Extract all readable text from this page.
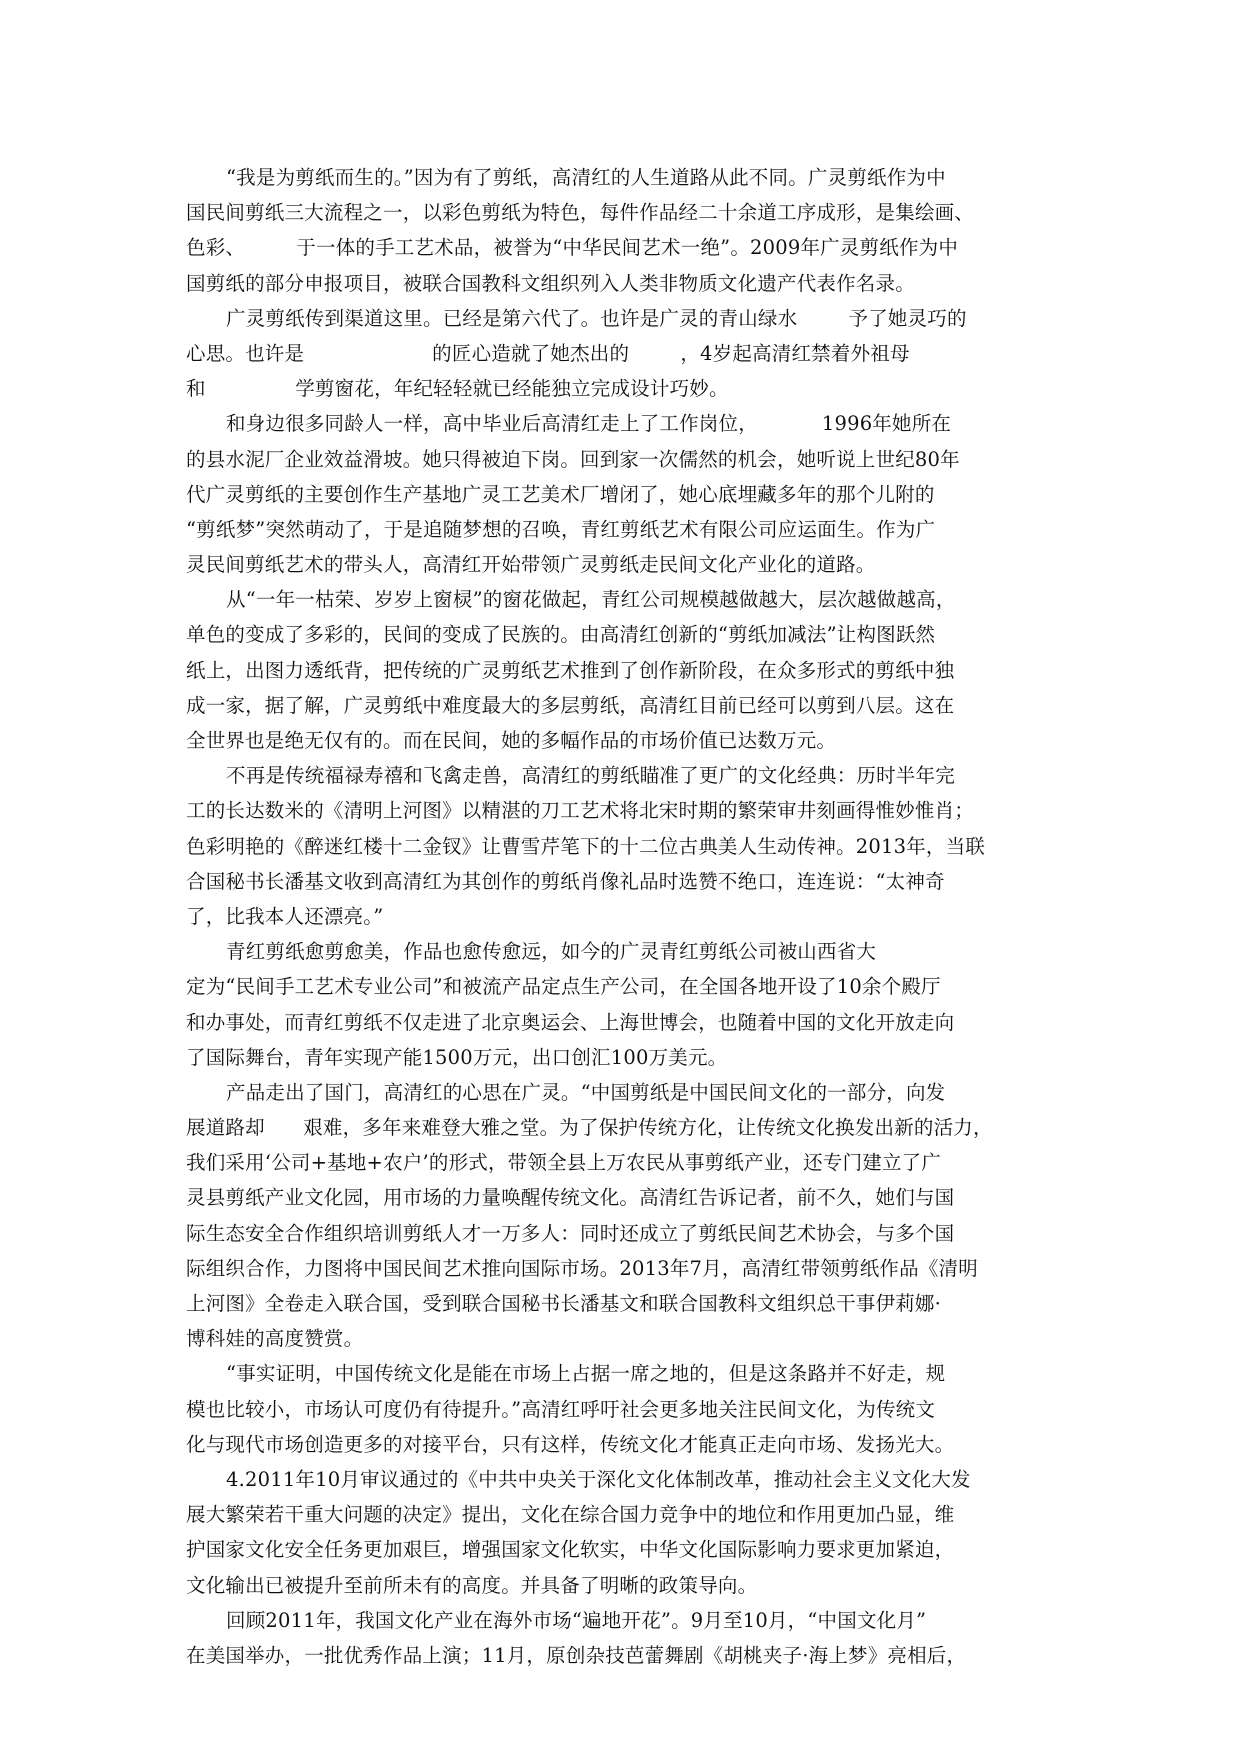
“我是为剪纸而生的。”因为有了剪纸，高清红的人生道路从此不同。广灵剪纸作为中
国民间剪纸三大流程之一，以彩色剪纸为特色，每件作品经二十余道工序成形，是集绘画、
色彩、        于一体的手工艺术品，被誉为“中华民间艺术一绝”。2009年广灵剪纸作为中
国剪纸的部分申报项目，被联合国教科文组织列入人类非物质文化遗产代表作名录。
广灵剪纸传到渠道这里。已经是第六代了。也许是广灵的青山绿水        予了她灵巧的
心思。也许是                    的匠心造就了她杰出的        ，4岁起高清红禁着外祖母
和              学剪窗花，年纪轻轻就已经能独立完成设计巧妙。
和身边很多同龄人一样，高中毕业后高清红走上了工作岗位，          1996年她所在
的县水泥厂企业效益滑坡。她只得被迫下岗。回到家一次儒然的机会，她听说上世纪80年
代广灵剪纸的主要创作生产基地广灵工艺美术厂增闭了，她心底埋藏多年的那个儿附的
“剪纸梦”突然萌动了，于是追随梦想的召唤，青红剪纸艺术有限公司应运面生。作为广
灵民间剪纸艺术的带头人，高清红开始带领广灵剪纸走民间文化产业化的道路。
从“一年一枯荣、岁岁上窗棂”的窗花做起，青红公司规模越做越大，层次越做越高，
单色的变成了多彩的，民间的变成了民族的。由高清红创新的“剪纸加减法”让构图跃然
纸上，出图力透纸背，把传统的广灵剪纸艺术推到了创作新阶段，在众多形式的剪纸中独
成一家，据了解，广灵剪纸中难度最大的多层剪纸，高清红目前已经可以剪到八层。这在
全世界也是绝无仅有的。而在民间，她的多幅作品的市场价值已达数万元。
不再是传统福禄寿禧和飞禽走兽，高清红的剪纸瞄准了更广的文化经典：历时半年完
工的长达数米的《清明上河图》以精湛的刀工艺术将北宋时期的繁荣审井刻画得惟妙惟肖；
色彩明艳的《醉迷红楼十二金钗》让曹雪芹笔下的十二位古典美人生动传神。2013年，当联
合国秘书长潘基文收到高清红为其创作的剪纸肖像礼品时选赞不绝口，连连说：“太神奇
了，比我本人还漂亮。”
青红剪纸愈剪愈美，作品也愈传愈远，如今的广灵青红剪纸公司被山西省大
定为“民间手工艺术专业公司”和被流产品定点生产公司，在全国各地开设了10余个殿厅
和办事处，而青红剪纸不仅走进了北京奥运会、上海世博会，也随着中国的文化开放走向
了国际舞台，青年实现产能1500万元，出口创汇100万美元。
产品走出了国门，高清红的心思在广灵。“中国剪纸是中国民间文化的一部分，向发
展道路却      艰难，多年来难登大雅之堂。为了保护传统方化，让传统文化换发出新的活力，
我们采用‘公司+基地+农户’的形式，带领全县上万农民从事剪纸产业，还专门建立了广
灵县剪纸产业文化园，用市场的力量唤醒传统文化。高清红告诉记者，前不久，她们与国
际生态安全合作组织培训剪纸人才一万多人：同时还成立了剪纸民间艺术协会，与多个国
际组织合作，力图将中国民间艺术推向国际市场。2013年7月，高清红带领剪纸作品《清明
上河图》全卷走入联合国，受到联合国秘书长潘基文和联合国教科文组织总干事伊莉娜·
博科娃的高度赞赏。
“事实证明，中国传统文化是能在市场上占据一席之地的，但是这条路并不好走，规
模也比较小，市场认可度仍有待提升。”高清红呼吁社会更多地关注民间文化，为传统文
化与现代市场创造更多的对接平台，只有这样，传统文化才能真正走向市场、发扬光大。
4.2011年10月审议通过的《中共中央关于深化文化体制改革，推动社会主义文化大发
展大繁荣若干重大问题的决定》提出，文化在综合国力竞争中的地位和作用更加凸显，维
护国家文化安全任务更加艰巨，增强国家文化软实，中华文化国际影响力要求更加紧迫，
文化输出已被提升至前所未有的高度。并具备了明晰的政策导向。
回顾2011年，我国文化产业在海外市场“遍地开花”。9月至10月，“中国文化月”
在美国举办，一批优秀作品上演；11月，原创杂技芭蕾舞剧《胡桃夹子·海上梦》亮相后，
